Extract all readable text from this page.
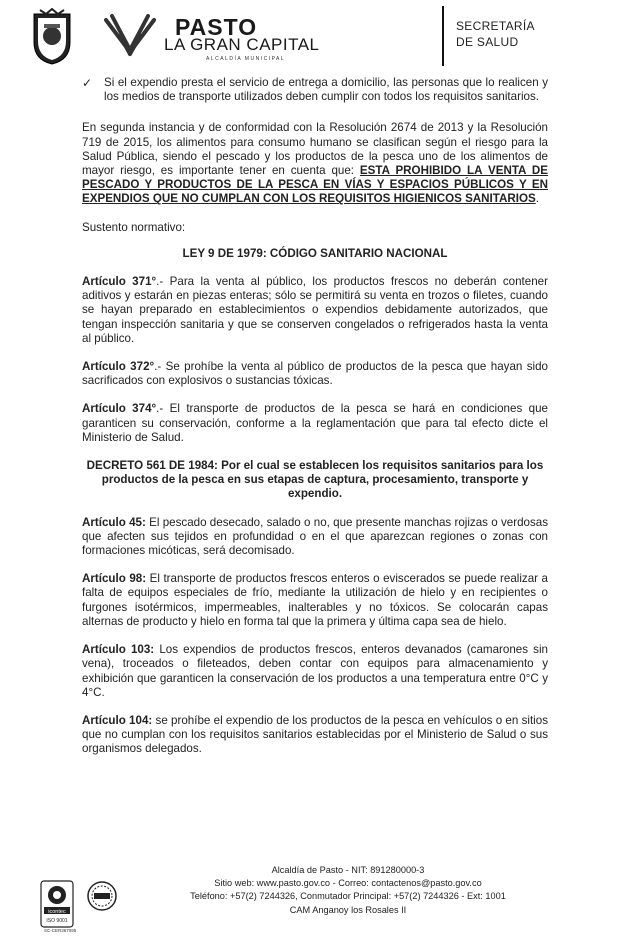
PASTO
LA GRAN CAPITAL
ALCALDÍA MUNICIPAL
SECRETARÍA
DE SALUD

✓ Si el expendio presta el servicio de entrega a domicilio, las personas que lo realicen y los medios de transporte utilizados deben cumplir con todos los requisitos sanitarios.

En segunda instancia y de conformidad con la Resolución 2674 de 2013 y la Resolución 719 de 2015, los alimentos para consumo humano se clasifican según el riesgo para la Salud Pública, siendo el pescado y los productos de la pesca uno de los alimentos de mayor riesgo, es importante tener en cuenta que: ESTA PROHIBIDO LA VENTA DE PESCADO Y PRODUCTOS DE LA PESCA EN VÍAS Y ESPACIOS PÚBLICOS Y EN EXPENDIOS QUE NO CUMPLAN CON LOS REQUISITOS HIGIENICOS SANITARIOS.

Sustento normativo:

LEY 9 DE 1979: CÓDIGO SANITARIO NACIONAL

Artículo 371°.- Para la venta al público, los productos frescos no deberán contener aditivos y estarán en piezas enteras; sólo se permitirá su venta en trozos o filetes, cuando se hayan preparado en establecimientos o expendios debidamente autorizados, que tengan inspección sanitaria y que se conserven congelados o refrigerados hasta la venta al público.

Artículo 372°.- Se prohíbe la venta al público de productos de la pesca que hayan sido sacrificados con explosivos o sustancias tóxicas.

Artículo 374°.- El transporte de productos de la pesca se hará en condiciones que garanticen su conservación, conforme a la reglamentación que para tal efecto dicte el Ministerio de Salud.

DECRETO 561 DE 1984: Por el cual se establecen los requisitos sanitarios para los productos de la pesca en sus etapas de captura, procesamiento, transporte y expendio.

Artículo 45: El pescado desecado, salado o no, que presente manchas rojizas o verdosas que afecten sus tejidos en profundidad o en el que aparezcan regiones o zonas con formaciones micóticas, será decomisado.

Artículo 98: El transporte de productos frescos enteros o eviscerados se puede realizar a falta de equipos especiales de frío, mediante la utilización de hielo y en recipientes o furgones isotérmicos, impermeables, inalterables y no tóxicos. Se colocarán capas alternas de producto y hielo en forma tal que la primera y última capa sea de hielo.

Artículo 103: Los expendios de productos frescos, enteros devanados (camarones sin vena), troceados o fileteados, deben contar con equipos para almacenamiento y exhibición que garanticen la conservación de los productos a una temperatura entre 0°C y 4°C.

Artículo 104: se prohíbe el expendio de los productos de la pesca en vehículos o en sitios que no cumplan con los requisitos sanitarios establecidas por el Ministerio de Salud o sus organismos delegados.

icontec
ISO 9001
SC-CER367095
Alcaldía de Pasto - NIT: 891280000-3
Sitio web: www.pasto.gov.co - Correo: contactenos@pasto.gov.co
Teléfono: +57(2) 7244326, Conmutador Principal: +57(2) 7244326 - Ext: 1001
CAM Anganoy los Rosales II
